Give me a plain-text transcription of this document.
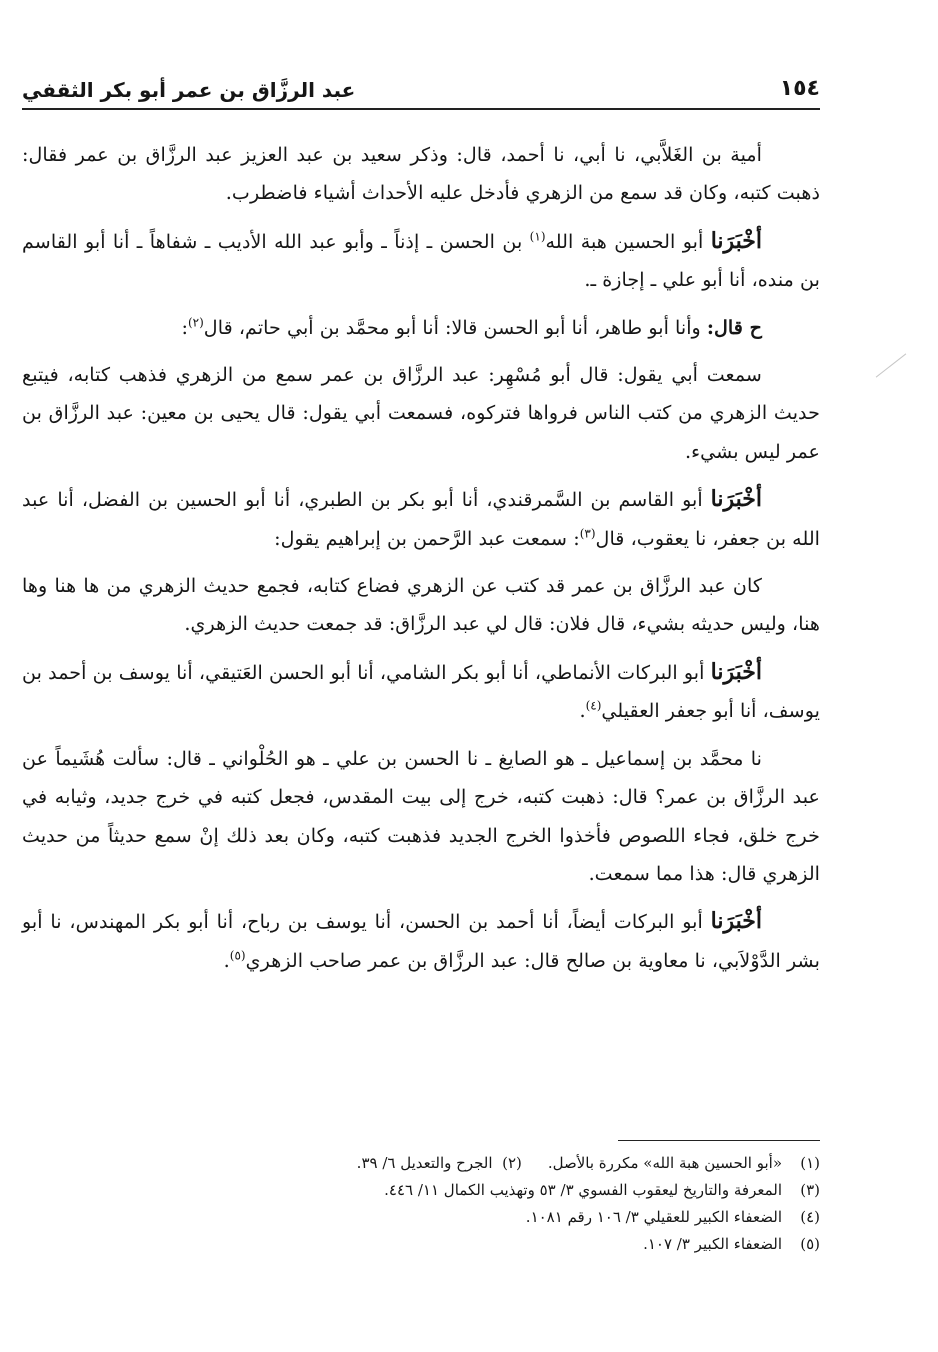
عبد الرزَّاق بن عمر أبو بكر الثقفي	١٥٤

أمية بن الغَلاَّبي، نا أبي، نا أحمد، قال: وذكر سعيد بن عبد العزيز عبد الرزَّاق بن عمر فقال: ذهبت كتبه، وكان قد سمع من الزهري فأدخل عليه الأحداث أشياء فاضطرب.

أخْبَرَنا أبو الحسين هبة الله$^{(١)}$ بن الحسن ـ إذناً ـ وأبو عبد الله الأديب ـ شفاهاً ـ أنا أبو القاسم بن منده، أنا أبو علي ـ إجازة ـ.

ح قال: وأنا أبو طاهر، أنا أبو الحسن قالا: أنا أبو محمَّد بن أبي حاتم، قال$^{(٢)}$:

سمعت أبي يقول: قال أبو مُسْهِر: عبد الرزَّاق بن عمر سمع من الزهري فذهب كتابه، فيتبع حديث الزهري من كتب الناس فرواها فتركوه، فسمعت أبي يقول: قال يحيى بن معين: عبد الرزَّاق بن عمر ليس بشيء.

أخْبَرَنا أبو القاسم بن السَّمرقندي، أنا أبو بكر بن الطبري، أنا أبو الحسين بن الفضل، أنا عبد الله بن جعفر، نا يعقوب، قال$^{(٣)}$: سمعت عبد الرَّحمن بن إبراهيم يقول:

كان عبد الرزَّاق بن عمر قد كتب عن الزهري فضاع كتابه، فجمع حديث الزهري من ها هنا وها هنا، وليس حديثه بشيء، قال فلان: قال لي عبد الرزَّاق: قد جمعت حديث الزهري.

أخْبَرَنا أبو البركات الأنماطي، أنا أبو بكر الشامي، أنا أبو الحسن العَتيقي، أنا يوسف بن أحمد بن يوسف، أنا أبو جعفر العقيلي$^{(٤)}$.

نا محمَّد بن إسماعيل ـ هو الصايغ ـ نا الحسن بن علي ـ هو الحُلْواني ـ قال: سألت هُشَيماً عن عبد الرزَّاق بن عمر؟ قال: ذهبت كتبه، خرج إلى بيت المقدس، فجعل كتبه في خرج جديد، وثيابه في خرج خلق، فجاء اللصوص فأخذوا الخرج الجديد فذهبت كتبه، وكان بعد ذلك إنْ سمع حديثاً من حديث الزهري قال: هذا مما سمعت.

أخْبَرَنا أبو البركات أيضاً، أنا أحمد بن الحسن، أنا يوسف بن رباح، أنا أبو بكر المهندس، نا أبو بشر الدَّوْلاَبي، نا معاوية بن صالح قال: عبد الرزَّاق بن عمر صاحب الزهري$^{(٥)}$.

(١)«أبو الحسين هبة الله» مكررة بالأصل.(٢)  الجرح والتعديل ٦/ ٣٩.
(٣)المعرفة والتاريخ ليعقوب الفسوي ٣/ ٥٣ وتهذيب الكمال ١١/ ٤٤٦.
(٤)الضعفاء الكبير للعقيلي ٣/ ١٠٦ رقم ١٠٨١.
(٥)الضعفاء الكبير ٣/ ١٠٧.
